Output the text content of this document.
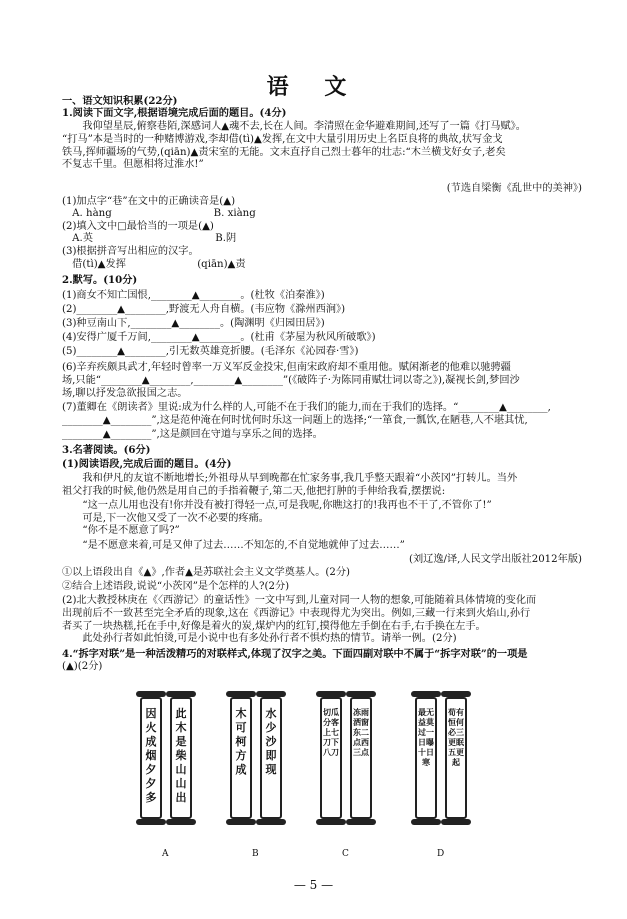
语 文
一、语文知识积累(22分)
1.阅读下面文字,根据语境完成后面的题目。(4分)
　　我仰望星辰,俯察巷陌,深感词人▲魂不去,长在人间。李清照在金华避难期间,还写了一篇《打马赋》。
“打马”本是当时的一种赌博游戏,李却借(tì)▲发挥,在文中大量引用历史上名臣良将的典故,状写金戈
铁马,挥师疆场的气势,(qiān)▲责宋室的无能。文末直抒自己烈士暮年的壮志:“木兰横戈好女子,老矣
不复志千里。但愿相将过淮水!”
(节选自梁衡《乱世中的美神》)
(1)加点字“巷”在文中的正确读音是(▲)
　A. hàng　　　　　　　　　　B. xiàng
(2)填入文中□最恰当的一项是(▲)
　A.英　　　　　　　　　　　　B.阴
(3)根据拼音写出相应的汉字。
　借(tì)▲发挥　　　　　　　(qiān)▲责
2.默写。(10分)
(1)商女不知亡国恨,________▲________。(杜牧《泊秦淮》)
(2)________▲________,野渡无人舟自横。(韦应物《滁州西涧》)
(3)种豆南山下,________▲________。(陶渊明《归园田居》)
(4)安得广厦千万间,________▲________。(杜甫《茅屋为秋风所破歌》)
(5)________▲________,引无数英雄竞折腰。(毛泽东《沁园春·雪》)
(6)辛弃疾颇具武才,年轻时曾率一万义军反金投宋,但南宋政府却不重用他。赋闲渐老的他难以驰骋疆
场,只能“________▲________,________▲________”(《破阵子·为陈同甫赋壮词以寄之》),凝视长剑,梦回沙
场,聊以抒发急欲报国之志。
(7)董卿在《朗读者》里说:成为什么样的人,可能不在于我们的能力,而在于我们的选择。“________▲________,
________▲________”,这是范仲淹在何时忧何时乐这一问题上的选择;“一箪食,一瓢饮,在陋巷,人不堪其忧,
________▲________”,这是颜回在守道与享乐之间的选择。
3.名著阅读。(6分)
(1)阅读语段,完成后面的题目。(4分)
　　我和伊凡的友谊不断地增长;外祖母从早到晚都在忙家务事,我几乎整天跟着“小茨冈”打转儿。当外
祖父打我的时候,他仍然是用自己的手指着鞭子,第二天,他把打肿的手伸给我看,摆摆说:
　　“这一点儿用也没有!你并没有被打得轻一点,可是我呢,你瞧这打的!我再也不干了,不管你了!”
　　可是,下一次他又受了一次不必要的疼痛。
　　“你不是不愿意了吗?”
　　“是不愿意来着,可是又伸了过去……不知怎的,不自觉地就伸了过去……”
(刘辽逸/译,人民文学出版社2012年版)
①以上语段出自《▲》,作者▲是苏联社会主义文学奠基人。(2分)
②结合上述语段,说说“小茨冈”是个怎样的人?(2分)
(2)北大教授林庚在《〈西游记〉的童话性》一文中写到,儿童对同一人物的想象,可能随着具体情境的变化而
出现前后不一致甚至完全矛盾的现象,这在《西游记》中表现得尤为突出。例如,三藏一行来到火焰山,孙行
者买了一块热糕,托在手中,好像是着火的炭,煤炉内的红钉,摸得他左手倒在右手,右手换在左手。
　　此处孙行者如此怕烫,可是小说中也有多处孙行者不惧灼热的情节。请举一例。(2分)
4.“拆字对联”是一种活泼精巧的对联样式,体现了汉字之美。下面四副对联中不属于“拆字对联”的一项是
(▲)(2分)
因火成烟夕夕多
此木是柴山山出
A
木可柯方成
水少沙即现
B
切瓜分客上七刀下八刀
冻雨洒窗东二点西三点
C
最无益莫过一日曝十日寒
荀有恒何必三更眠五更起
D
— 5 —
